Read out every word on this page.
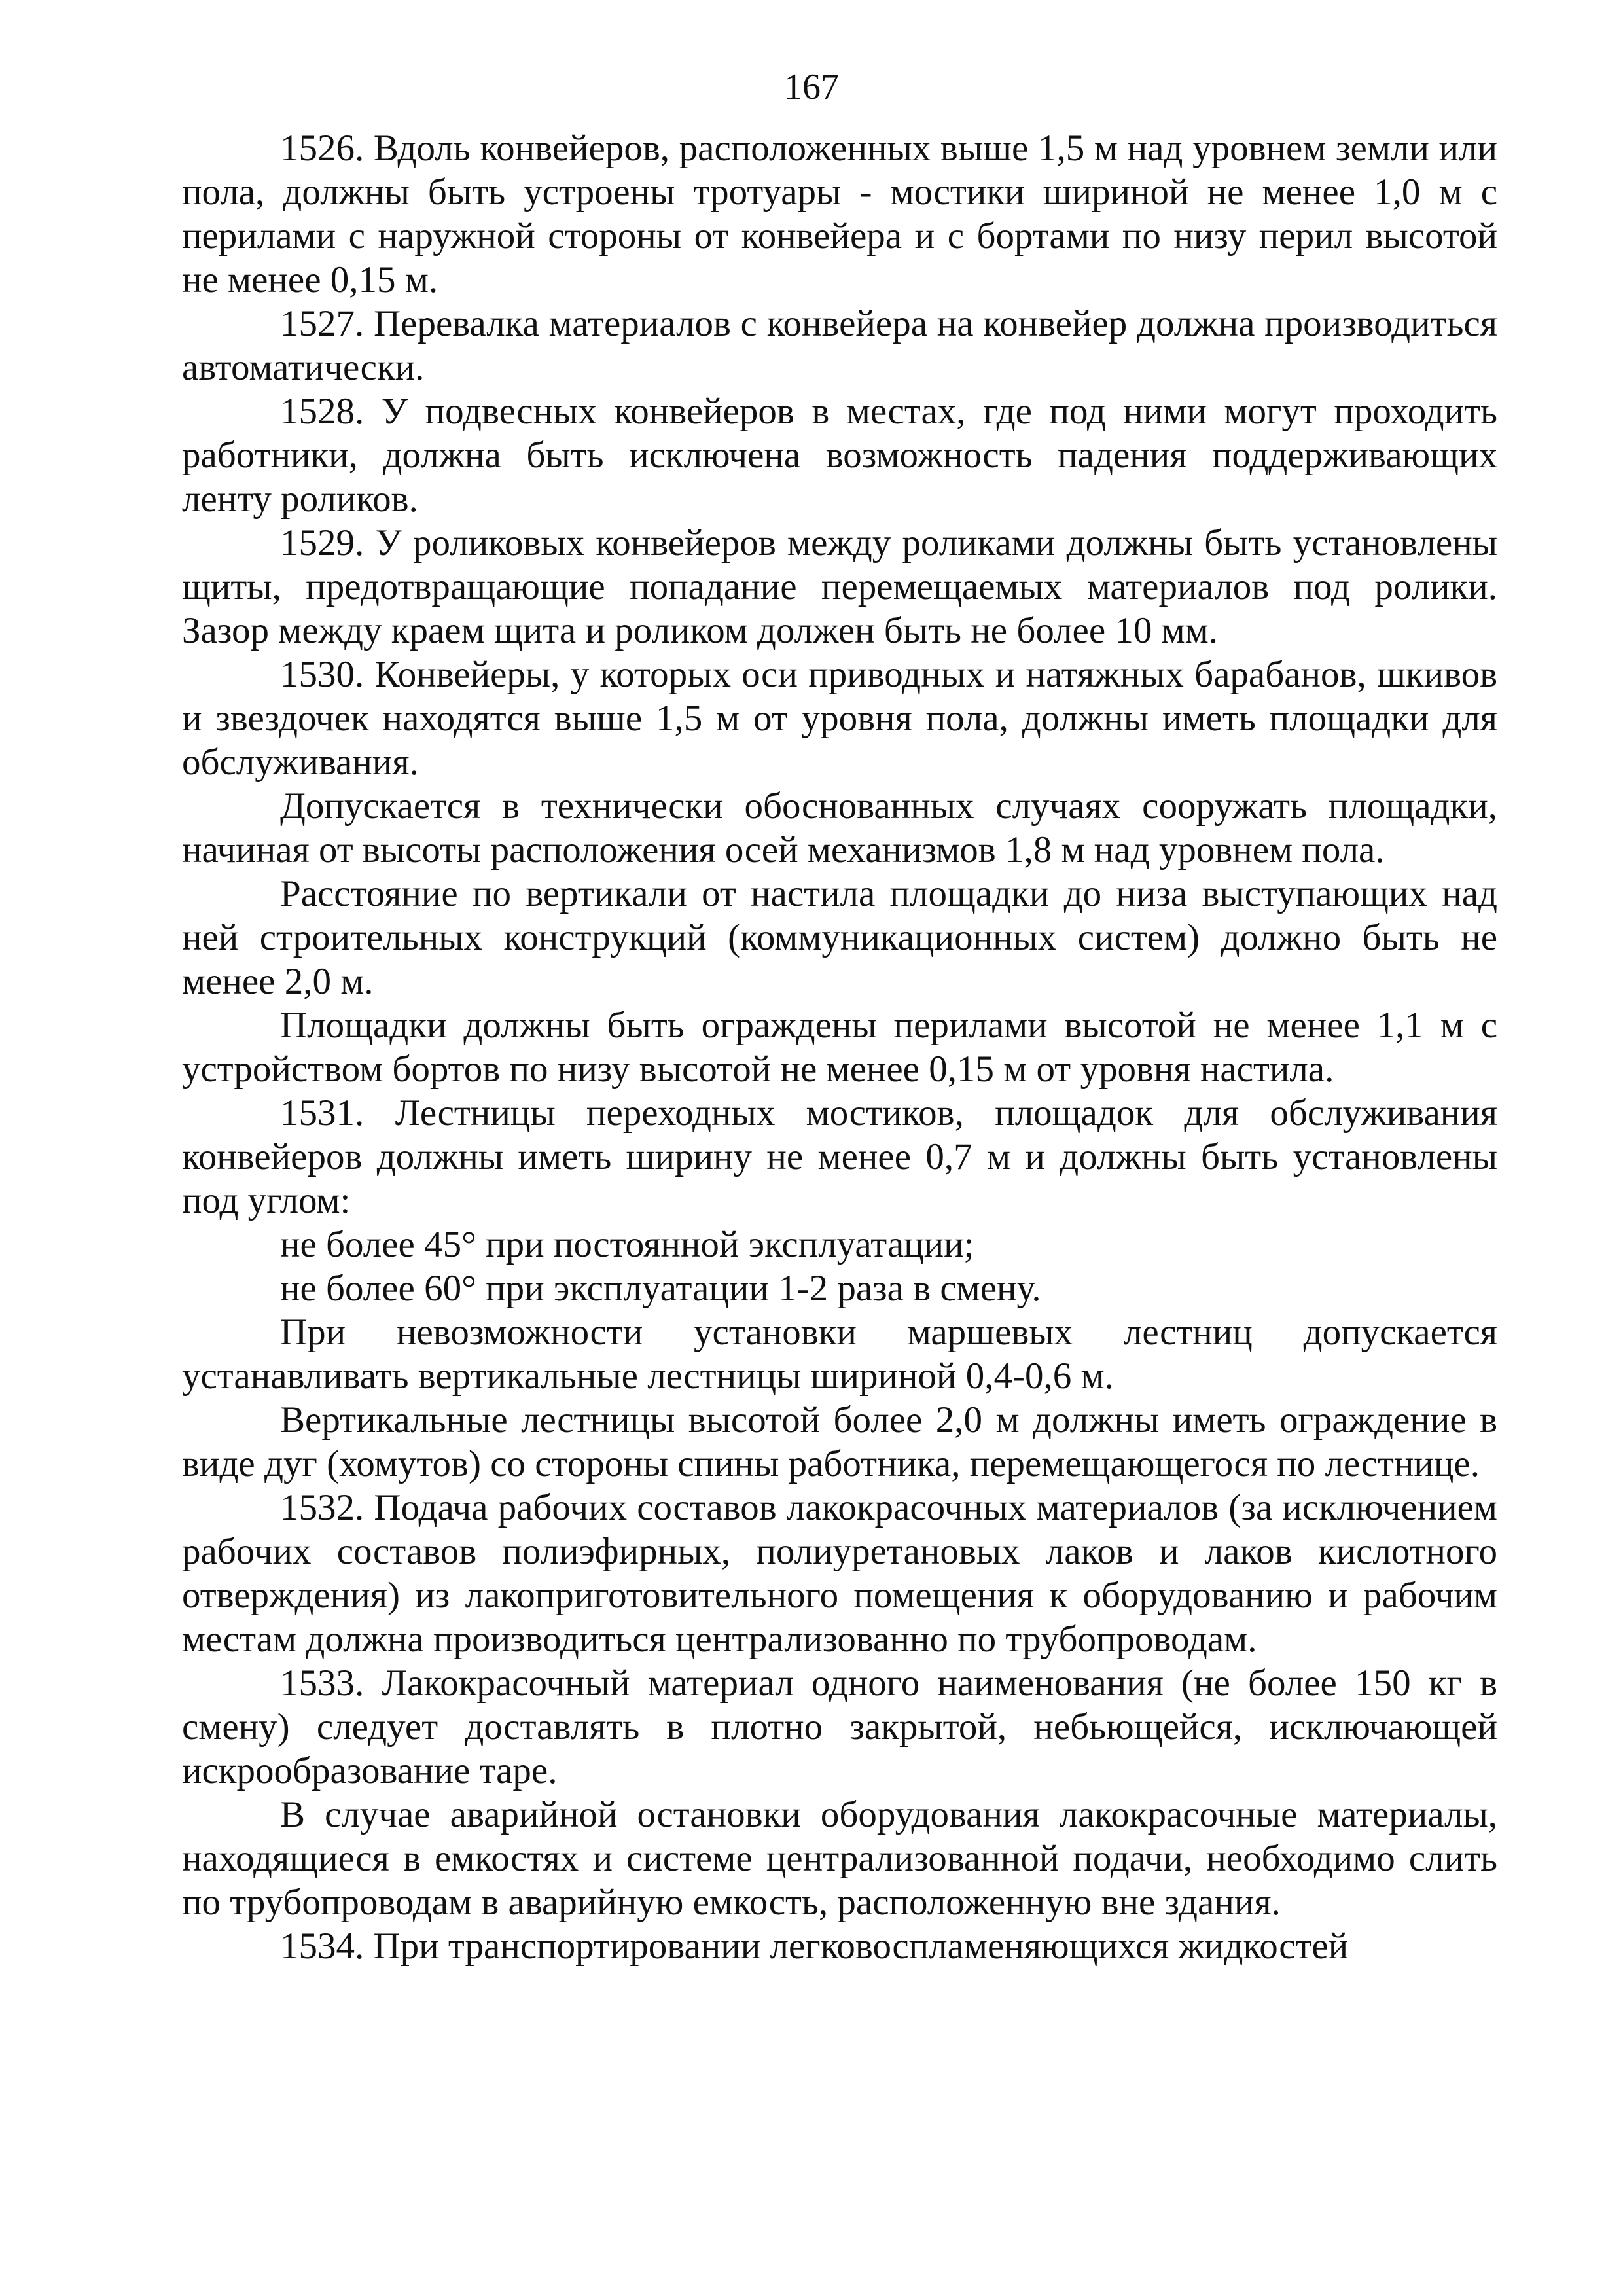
167

1526. Вдоль конвейеров, расположенных выше 1,5 м над уровнем земли или пола, должны быть устроены тротуары - мостики шириной не менее 1,0 м с перилами с наружной стороны от конвейера и с бортами по низу перил высотой не менее 0,15 м.

1527. Перевалка материалов с конвейера на конвейер должна производиться автоматически.

1528. У подвесных конвейеров в местах, где под ними могут проходить работники, должна быть исключена возможность падения поддерживающих ленту роликов.

1529. У роликовых конвейеров между роликами должны быть установлены щиты, предотвращающие попадание перемещаемых материалов под ролики. Зазор между краем щита и роликом должен быть не более 10 мм.

1530. Конвейеры, у которых оси приводных и натяжных барабанов, шкивов и звездочек находятся выше 1,5 м от уровня пола, должны иметь площадки для обслуживания.

Допускается в технически обоснованных случаях сооружать площадки, начиная от высоты расположения осей механизмов 1,8 м над уровнем пола.

Расстояние по вертикали от настила площадки до низа выступающих над ней строительных конструкций (коммуникационных систем) должно быть не менее 2,0 м.

Площадки должны быть ограждены перилами высотой не менее 1,1 м с устройством бортов по низу высотой не менее 0,15 м от уровня настила.

1531. Лестницы переходных мостиков, площадок для обслуживания конвейеров должны иметь ширину не менее 0,7 м и должны быть установлены под углом:

не более 45° при постоянной эксплуатации;

не более 60° при эксплуатации 1-2 раза в смену.

При невозможности установки маршевых лестниц допускается устанавливать вертикальные лестницы шириной 0,4-0,6 м.

Вертикальные лестницы высотой более 2,0 м должны иметь ограждение в виде дуг (хомутов) со стороны спины работника, перемещающегося по лестнице.

1532. Подача рабочих составов лакокрасочных материалов (за исключением рабочих составов полиэфирных, полиуретановых лаков и лаков кислотного отверждения) из лакоприготовительного помещения к оборудованию и рабочим местам должна производиться централизованно по трубопроводам.

1533. Лакокрасочный материал одного наименования (не более 150 кг в смену) следует доставлять в плотно закрытой, небьющейся, исключающей искрообразование таре.

В случае аварийной остановки оборудования лакокрасочные материалы, находящиеся в емкостях и системе централизованной подачи, необходимо слить по трубопроводам в аварийную емкость, расположенную вне здания.

1534. При транспортировании легковоспламеняющихся жидкостей
